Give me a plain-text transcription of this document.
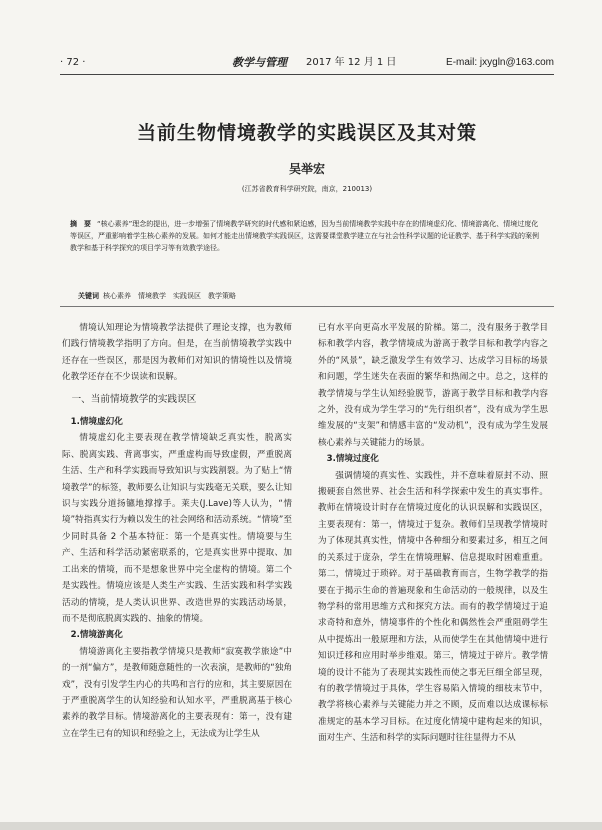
· 72 ·	教学与管理 2017 年 12 月 1 日	E-mail: jxygln@163.com
当前生物情境教学的实践误区及其对策
吴举宏
(江苏省教育科学研究院，南京，210013)
摘　要 “核心素养”理念的提出，进一步增强了情境教学研究的时代感和紧迫感，因为当前情境教学实践中存在的情境虚幻化、情境游离化、情境过度化等误区，严重影响着学生核心素养的发展。如何才能走出情境教学实践误区，这需要课堂教学建立在与社会性科学议题的论证教学、基于科学实践的案例教学和基于科学探究的项目学习等有效教学途径。
关键词 核心素养　情境教学　实践误区　教学策略

情境认知理论为情境教学法提供了理论支撑，也为教师们践行情境教学指明了方向。但是，在当前情境教学实践中还存在一些误区，那是因为教师们对知识的情境性以及情境化教学还存在不少误读和误解。

一、当前情境教学的实践误区

1.情境虚幻化

情境虚幻化主要表现在教学情境缺乏真实性，脱离实际、脱离实践、背离事实，严重虚构而导致虚假，严重脱离生活、生产和科学实践而导致知识与实践割裂。为了贴上“情境教学”的标签，教师要么让知识与实践毫无关联，要么让知识与实践分道扬镳地撑撑手。莱夫(J.Lave)等人认为，“情境”特指真实行为赖以发生的社会网络和活动系统。“情境”至少同时具备 2 个基本特征：第一个是真实性。情境要与生产、生活和科学活动紧密联系的，它是真实世界中提取、加工出来的情境，而不是想象世界中完全虚构的情境。第二个是实践性。情境应该是人类生产实践、生活实践和科学实践活动的情境，是人类认识世界、改造世界的实践活动场景，而不是彻底脱离实践的、抽象的情境。

2.情境游离化

情境游离化主要指教学情境只是教师“寂寞教学旅途”中的一剂“偏方”，是教师随意随性的一次表演，是教师的“独角戏”，没有引发学生内心的共鸣和言行的应和，其主要原因在于严重脱离学生的认知经验和认知水平，严重脱离基于核心素养的教学目标。情境游离化的主要表现有：第一，没有建立在学生已有的知识和经验之上，无法成为让学生从

已有水平向更高水平发展的阶梯。第二，没有服务于教学目标和教学内容，教学情境成为游离于教学目标和教学内容之外的“风景”，缺乏激发学生有效学习、达成学习目标的场景和问题，学生迷失在表面的繁华和热闹之中。总之，这样的教学情境与学生认知经验脱节，游离于教学目标和教学内容之外，没有成为学生学习的“先行组织者”，没有成为学生思维发展的“支架”和情感丰富的“发动机”，没有成为学生发展核心素养与关键能力的场景。

3.情境过度化

强调情境的真实性、实践性，并不意味着原封不动、照搬硬套自然世界、社会生活和科学探索中发生的真实事件。教师在情境设计时存在情境过度化的认识误解和实践误区，主要表现有：第一，情境过于复杂。教师们呈现教学情境时为了体现其真实性，情境中各种细分和要素过多，相互之间的关系过于庞杂，学生在情境理解、信息提取时困难重重。第二，情境过于琐碎。对于基础教育而言，生物学教学的指要在于揭示生命的普遍现象和生命活动的一般规律，以及生物学科的常用思维方式和探究方法。而有的教学情境过于追求奇特和意外，情境事件的个性化和偶然性会严重阻碍学生从中提炼出一般原理和方法，从而使学生在其他情境中进行知识迁移和应用时举步维艰。第三，情境过于碎片。教学情境的设计不能为了表现其实践性而使之事无巨细全部呈现，有的教学情境过于具体，学生容易陷入情境的细枝末节中，教学将核心素养与关键能力并之不顾，反而难以达成课标标准规定的基本学习目标。在过度化情境中建构起来的知识，面对生产、生活和科学的实际问题时往往显得力不从
